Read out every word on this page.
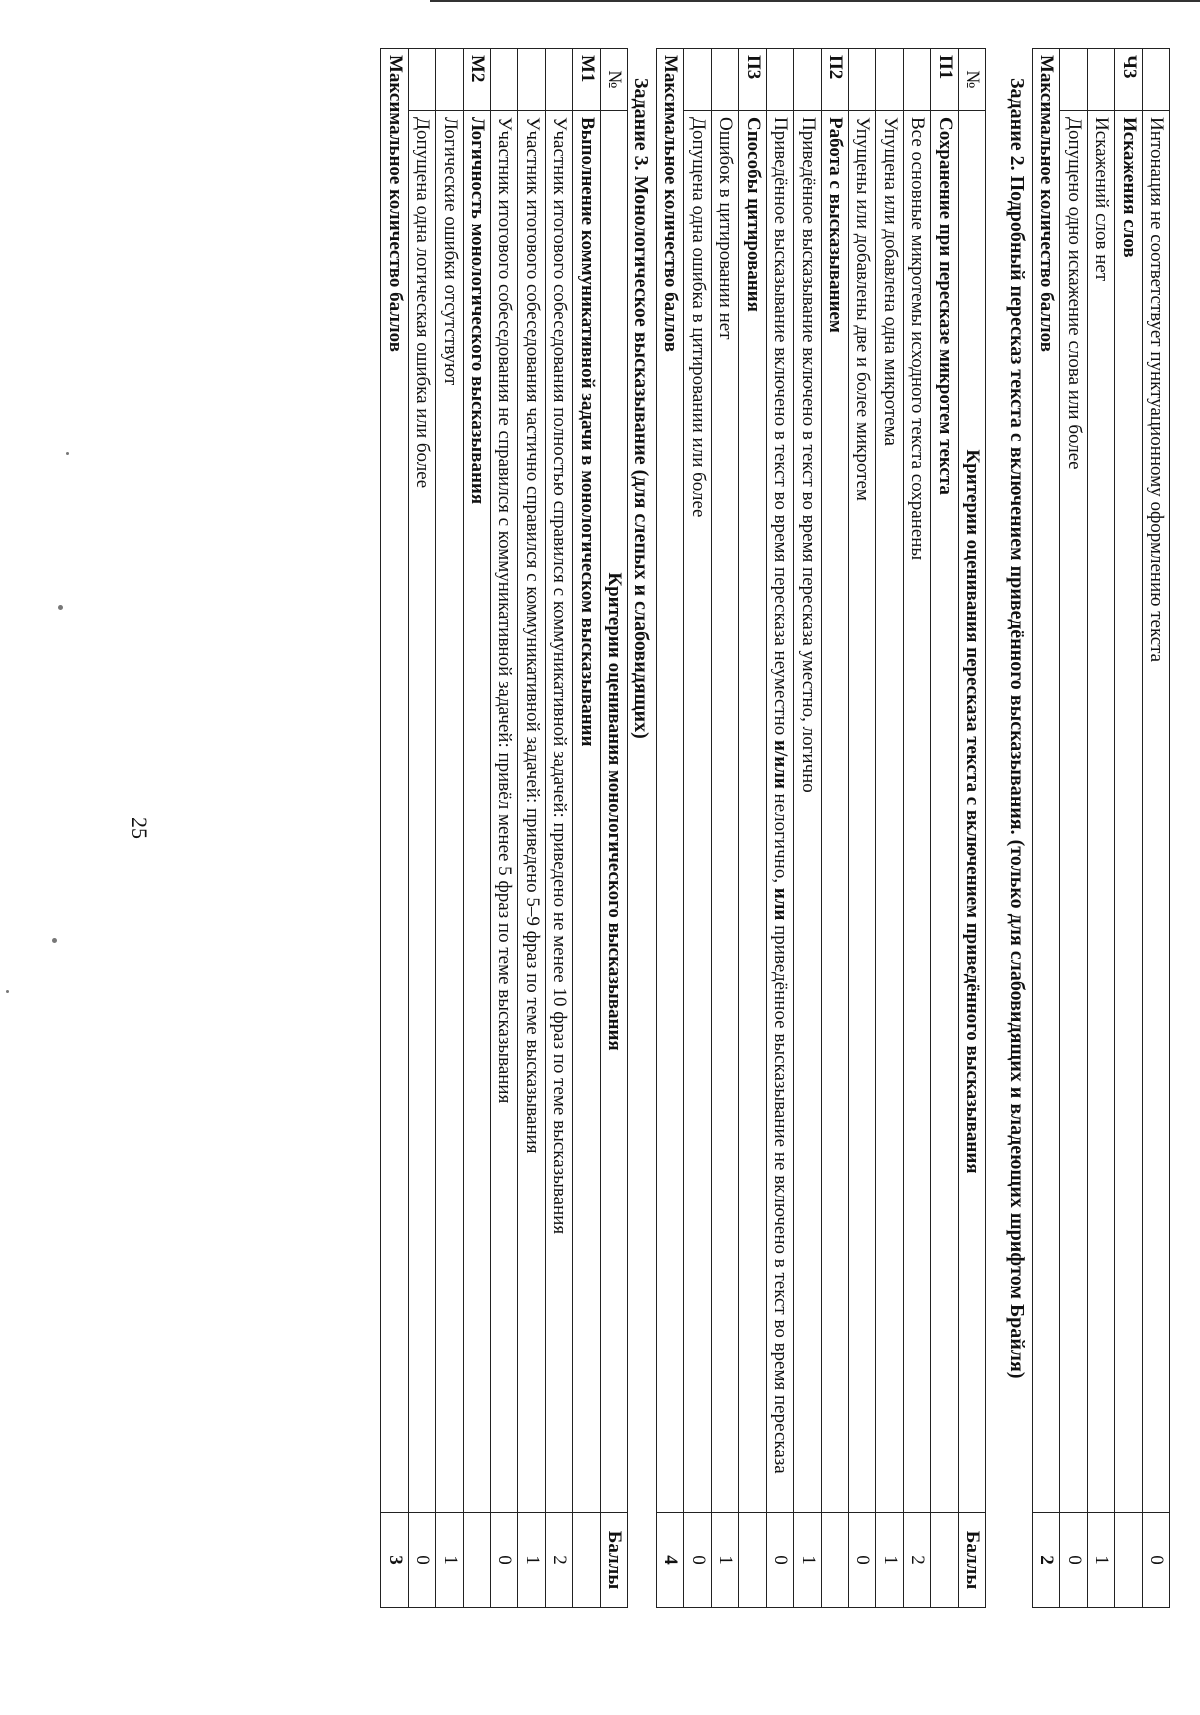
	Интонация не соответствует пунктуационному оформлению текста	0
Ч3	Искажения слов	
	Искажений слов нет	1
	Допущено одно искажение слова или более	0
Максимальное количество баллов		2
Задание 2. Подробный пересказ текста с включением приведённого высказывания. (только для слабовидящих и владеющих шрифтом Брайля)
№	Критерии оценивания пересказа текста с включением приведённого высказывания	Баллы
П1	Сохранение при пересказе микротем текста	
	Все основные микротемы исходного текста сохранены	2
	Упущена или добавлена одна микротема	1
	Упущены или добавлены две и более микротем	0
П2	Работа с высказыванием	
	Приведённое высказывание включено в текст во время пересказа уместно, логично	1
	Приведённое высказывание включено в текст во время пересказа неуместно и/или нелогично, или приведённое высказывание не включено в текст во время пересказа	0
П3	Способы цитирования	
	Ошибок в цитировании нет	1
	Допущена одна ошибка в цитировании или более	0
Максимальное количество баллов		4
Задание 3. Монологическое высказывание (для слепых и слабовидящих)
№	Критерии оценивания монологического высказывания	Баллы
М1	Выполнение коммуникативной задачи в монологическом высказывании	
	Участник итогового собеседования полностью справился с коммуникативной задачей: приведено не менее 10 фраз по теме высказывания	2
	Участник итогового собеседования частично справился с коммуникативной задачей: приведено 5–9 фраз по теме высказывания	1
	Участник итогового собеседования не справился с коммуникативной задачей: привёл менее 5 фраз по теме высказывания	0
М2	Логичность монологического высказывания	
	Логические ошибки отсутствуют	1
	Допущена одна логическая ошибка или более	0
Максимальное количество баллов		3
25
